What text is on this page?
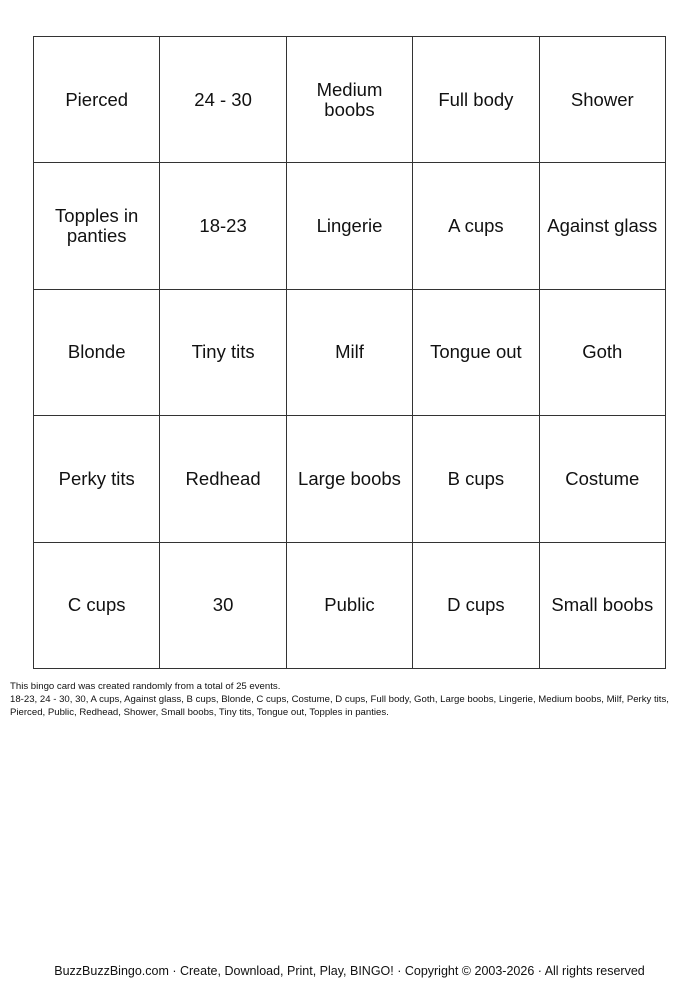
Pierced	24 - 30	Medium boobs	Full body	Shower
Topples in panties	18-23	Lingerie	A cups	Against glass
Blonde	Tiny tits	Milf	Tongue out	Goth
Perky tits	Redhead	Large boobs	B cups	Costume
C cups	30	Public	D cups	Small boobs
This bingo card was created randomly from a total of 25 events.
18-23, 24 - 30, 30, A cups, Against glass, B cups, Blonde, C cups, Costume, D cups, Full body, Goth, Large boobs, Lingerie, Medium boobs, Milf, Perky tits, Pierced, Public, Redhead, Shower, Small boobs, Tiny tits, Tongue out, Topples in panties.
BuzzBuzzBingo.com · Create, Download, Print, Play, BINGO! · Copyright © 2003-2026 · All rights reserved
